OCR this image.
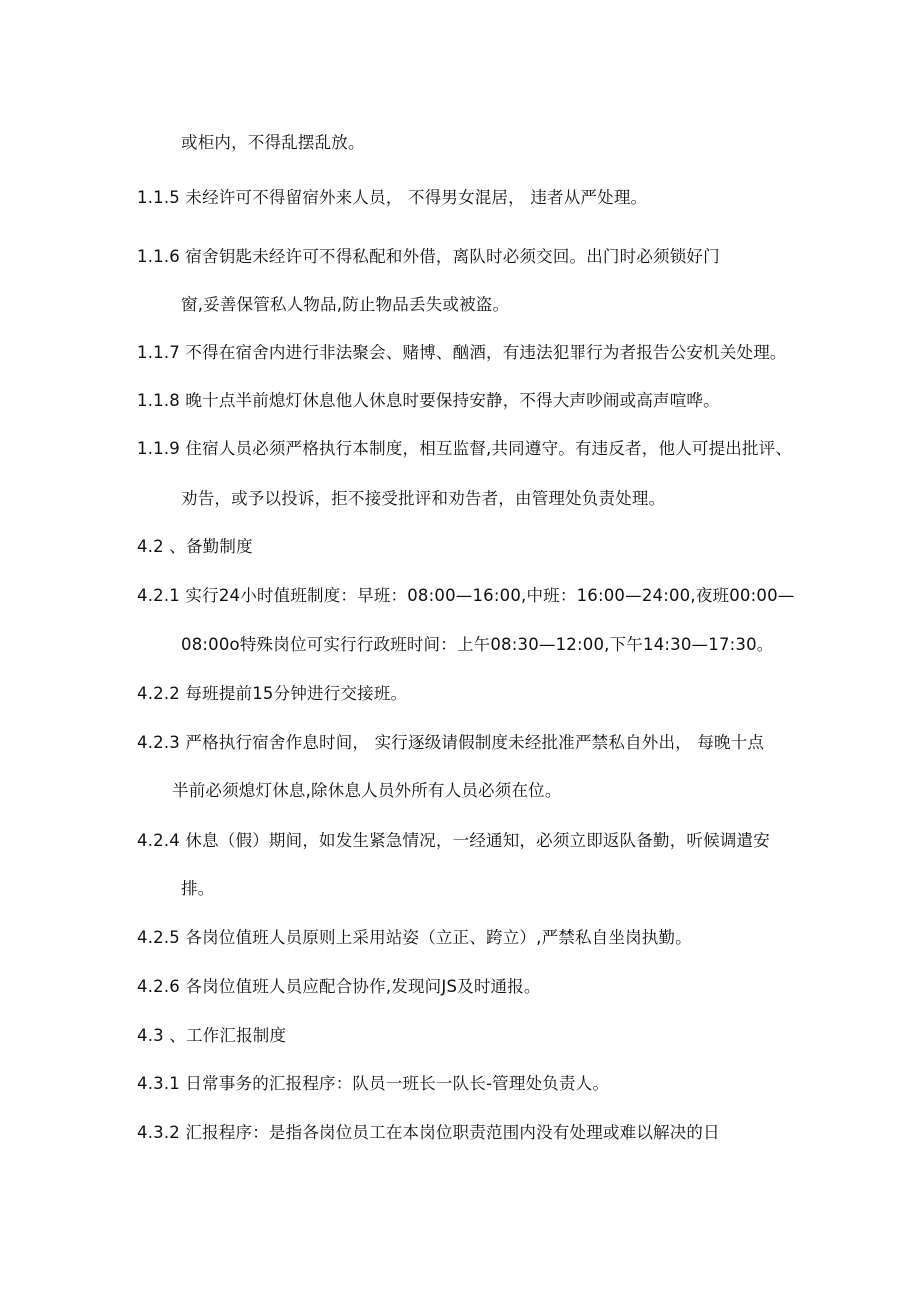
或柜内，不得乱摆乱放。
1.1.5 未经许可不得留宿外来人员， 不得男女混居， 违者从严处理。
1.1.6 宿舍钥匙未经许可不得私配和外借，离队时必须交回。出门时必须锁好门
窗,妥善保管私人物品,防止物品丢失或被盗。
1.1.7 不得在宿舍内进行非法聚会、赌博、酗酒，有违法犯罪行为者报告公安机关处理。
1.1.8 晚十点半前熄灯休息他人休息时要保持安静，不得大声吵闹或高声喧哗。
1.1.9 住宿人员必须严格执行本制度，相互监督,共同遵守。有违反者，他人可提出批评、
劝告，或予以投诉，拒不接受批评和劝告者，由管理处负责处理。
4.2 、备勤制度
4.2.1 实行24小时值班制度：早班：08:00—16:00,中班：16:00—24:00,夜班00:00—
08:00o特殊岗位可实行行政班时间：上午08:30—12:00,下午14:30—17:30。
4.2.2 每班提前15分钟进行交接班。
4.2.3 严格执行宿舍作息时间， 实行逐级请假制度未经批准严禁私自外出， 每晚十点
半前必须熄灯休息,除休息人员外所有人员必须在位。
4.2.4 休息（假）期间，如发生紧急情况，一经通知，必须立即返队备勤，听候调遣安
排。
4.2.5 各岗位值班人员原则上采用站姿（立正、跨立）,严禁私自坐岗执勤。
4.2.6 各岗位值班人员应配合协作,发现问JS及时通报。
4.3 、工作汇报制度
4.3.1 日常事务的汇报程序：队员一班长一队长-管理处负责人。
4.3.2 汇报程序：是指各岗位员工在本岗位职责范围内没有处理或难以解决的日
